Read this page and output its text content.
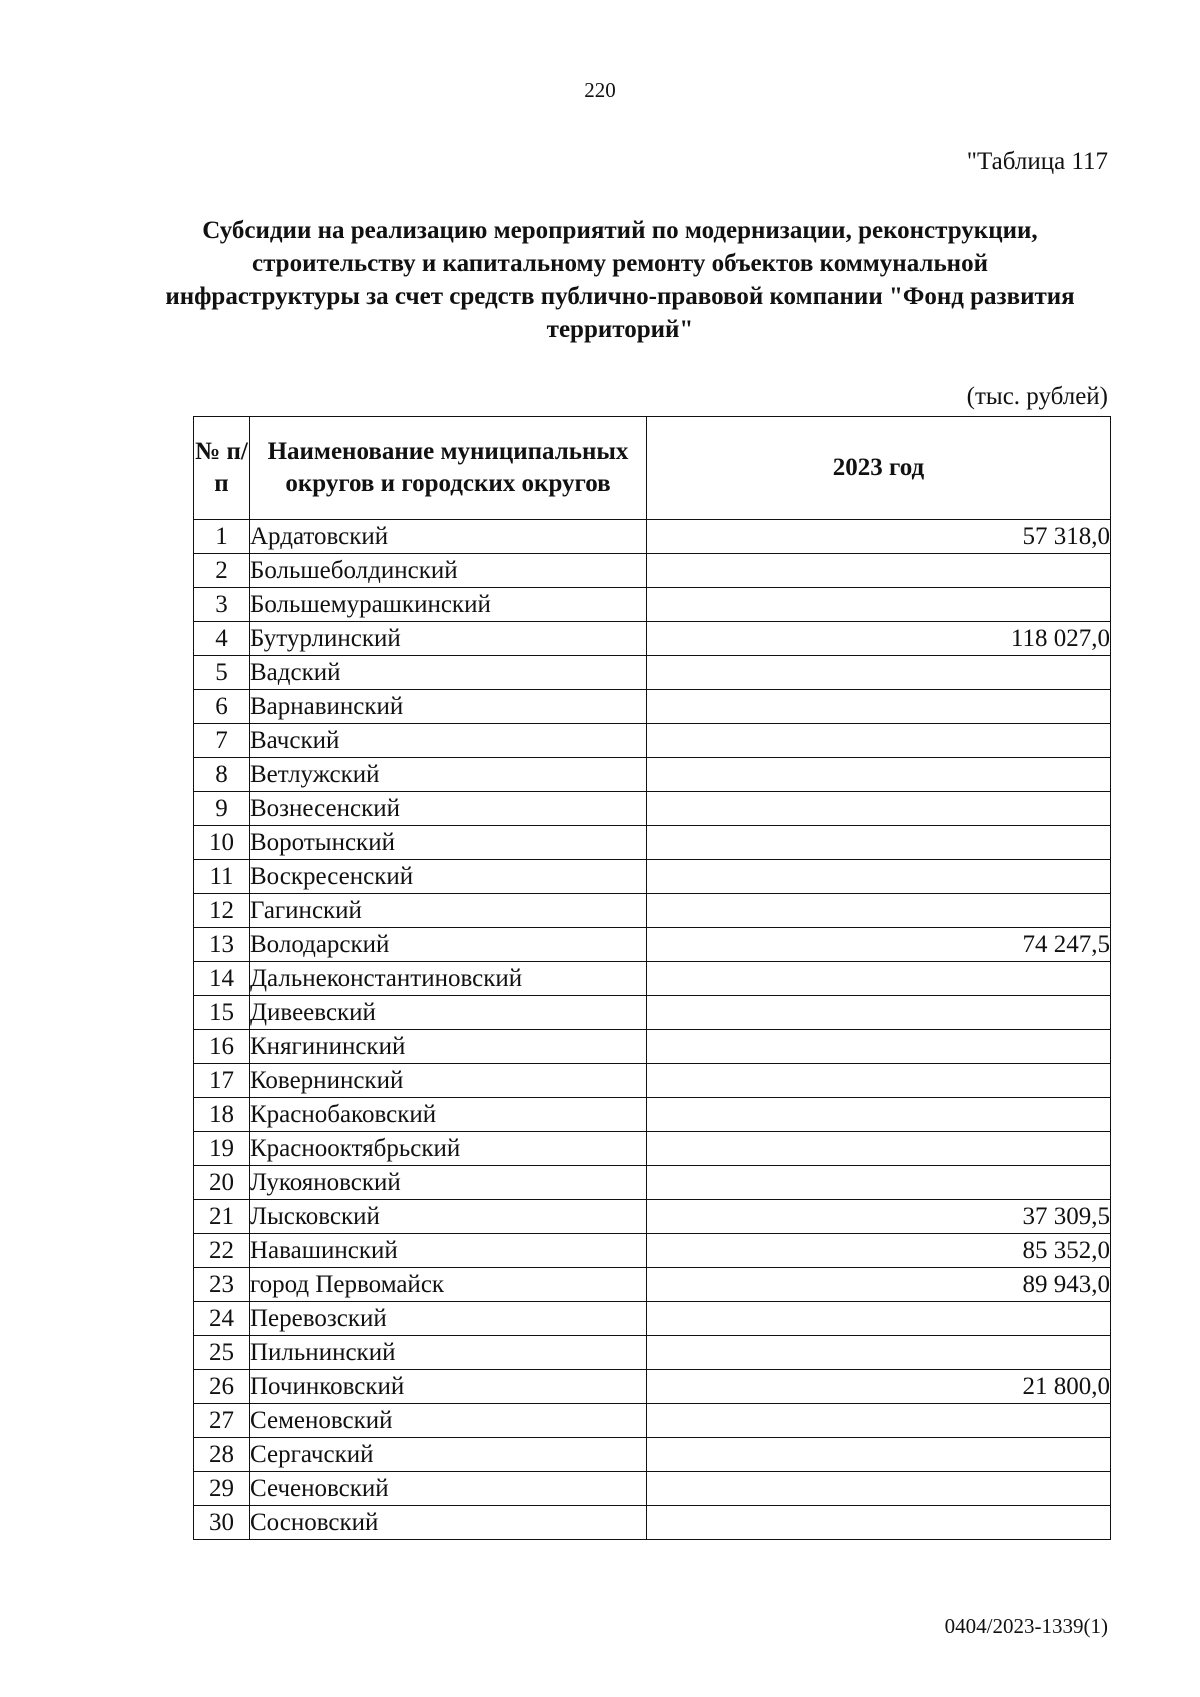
220
"Таблица 117
Субсидии на реализацию мероприятий по модернизации, реконструкции, строительству и капитальному ремонту объектов коммунальной инфраструктуры за счет средств публично-правовой компании "Фонд развития территорий"
(тыс. рублей)
№ п/п	Наименование муниципальных округов и городских округов	2023 год
1	Ардатовский	57 318,0
2	Большеболдинский	
3	Большемурашкинский	
4	Бутурлинский	118 027,0
5	Вадский	
6	Варнавинский	
7	Вачский	
8	Ветлужский	
9	Вознесенский	
10	Воротынский	
11	Воскресенский	
12	Гагинский	
13	Володарский	74 247,5
14	Дальнеконстантиновский	
15	Дивеевский	
16	Княгининский	
17	Ковернинский	
18	Краснобаковский	
19	Краснооктябрьский	
20	Лукояновский	
21	Лысковский	37 309,5
22	Навашинский	85 352,0
23	город Первомайск	89 943,0
24	Перевозский	
25	Пильнинский	
26	Починковский	21 800,0
27	Семеновский	
28	Сергачский	
29	Сеченовский	
30	Сосновский	
0404/2023-1339(1)
